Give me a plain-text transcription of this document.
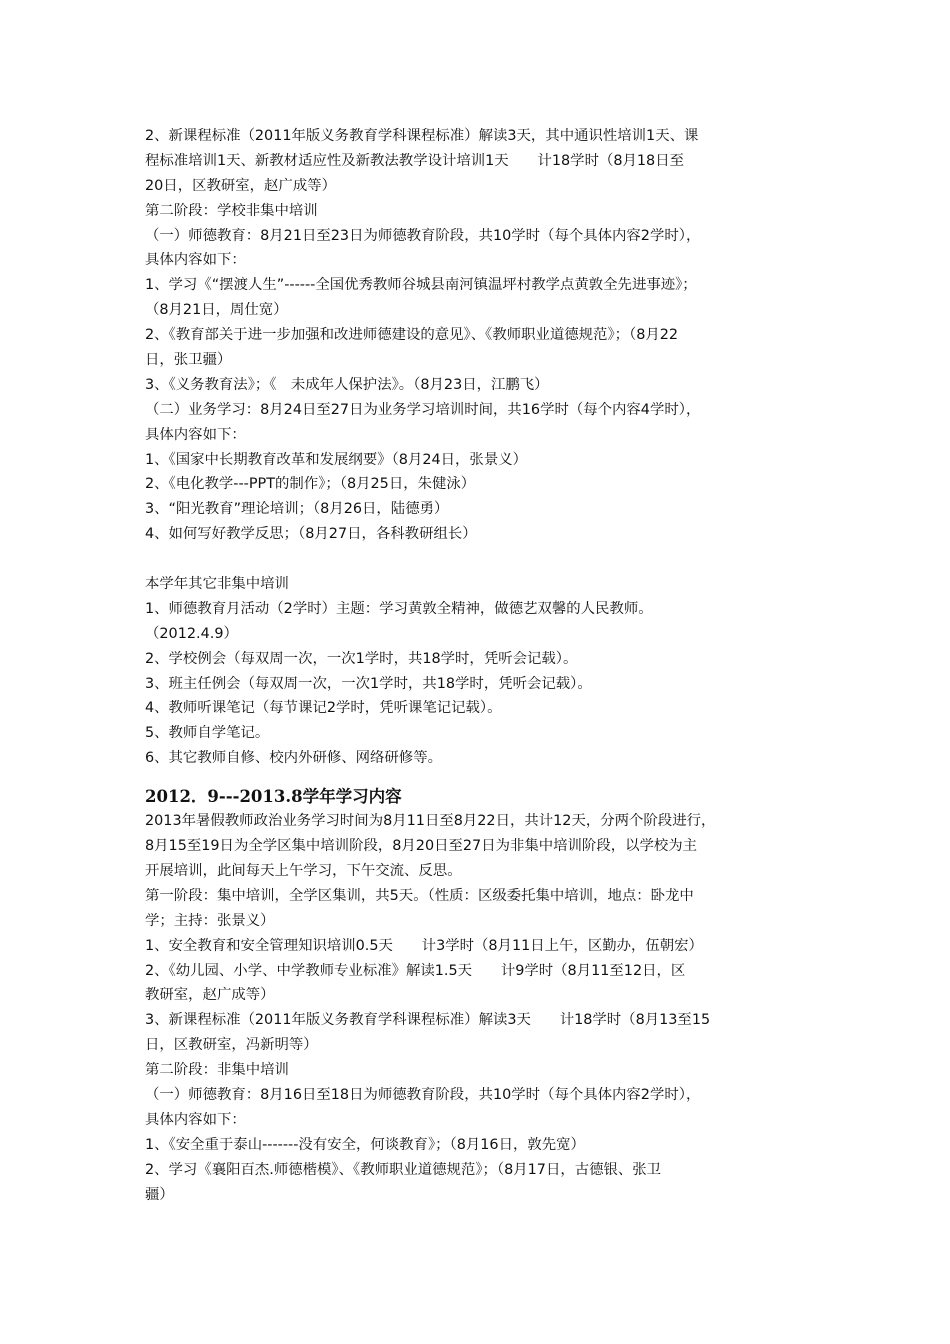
2、新课程标准（2011年版义务教育学科课程标准）解读3天，其中通识性培训1天、课
程标准培训1天、新教材适应性及新教法教学设计培训1天　　计18学时（8月18日至
20日，区教研室，赵广成等）
第二阶段：学校非集中培训
（一）师德教育：8月21日至23日为师德教育阶段，共10学时（每个具体内容2学时），
具体内容如下：
1、学习《“摆渡人生”------全国优秀教师谷城县南河镇温坪村教学点黄敦全先进事迹》；
（8月21日，周仕宽）
2、《教育部关于进一步加强和改进师德建设的意见》、《教师职业道德规范》；（8月22
日，张卫疆）
3、《义务教育法》；《　未成年人保护法》。（8月23日，江鹏飞）
（二）业务学习：8月24日至27日为业务学习培训时间，共16学时（每个内容4学时），
具体内容如下：
1、《国家中长期教育改革和发展纲要》（8月24日，张景义）
2、《电化教学---PPT的制作》；（8月25日，朱健泳）
3、“阳光教育”理论培训；（8月26日，陆德勇）
4、如何写好教学反思；（8月27日，各科教研组长）
本学年其它非集中培训
1、师德教育月活动（2学时）主题：学习黄敦全精神，做德艺双馨的人民教师。
（2012.4.9）
2、学校例会（每双周一次，一次1学时，共18学时，凭听会记载）。
3、班主任例会（每双周一次，一次1学时，共18学时，凭听会记载）。
4、教师听课笔记（每节课记2学时，凭听课笔记记载）。
5、教师自学笔记。
6、其它教师自修、校内外研修、网络研修等。
2012．9---2013.8学年学习内容
2013年暑假教师政治业务学习时间为8月11日至8月22日，共计12天，分两个阶段进行，
8月15至19日为全学区集中培训阶段，8月20日至27日为非集中培训阶段，以学校为主
开展培训，此间每天上午学习，下午交流、反思。
第一阶段：集中培训，全学区集训，共5天。（性质：区级委托集中培训，地点：卧龙中
学；主持：张景义）
1、安全教育和安全管理知识培训0.5天　　计3学时（8月11日上午，区勤办，伍朝宏）
2、《幼儿园、小学、中学教师专业标准》解读1.5天　　计9学时（8月11至12日，区
教研室，赵广成等）
3、新课程标准（2011年版义务教育学科课程标准）解读3天　　计18学时（8月13至15
日，区教研室，冯新明等）
第二阶段：非集中培训
（一）师德教育：8月16日至18日为师德教育阶段，共10学时（每个具体内容2学时），
具体内容如下：
1、《安全重于泰山-------没有安全，何谈教育》；（8月16日，敦先宽）
2、学习《襄阳百杰.师德楷模》、《教师职业道德规范》；（8月17日，古德银、张卫
疆）
